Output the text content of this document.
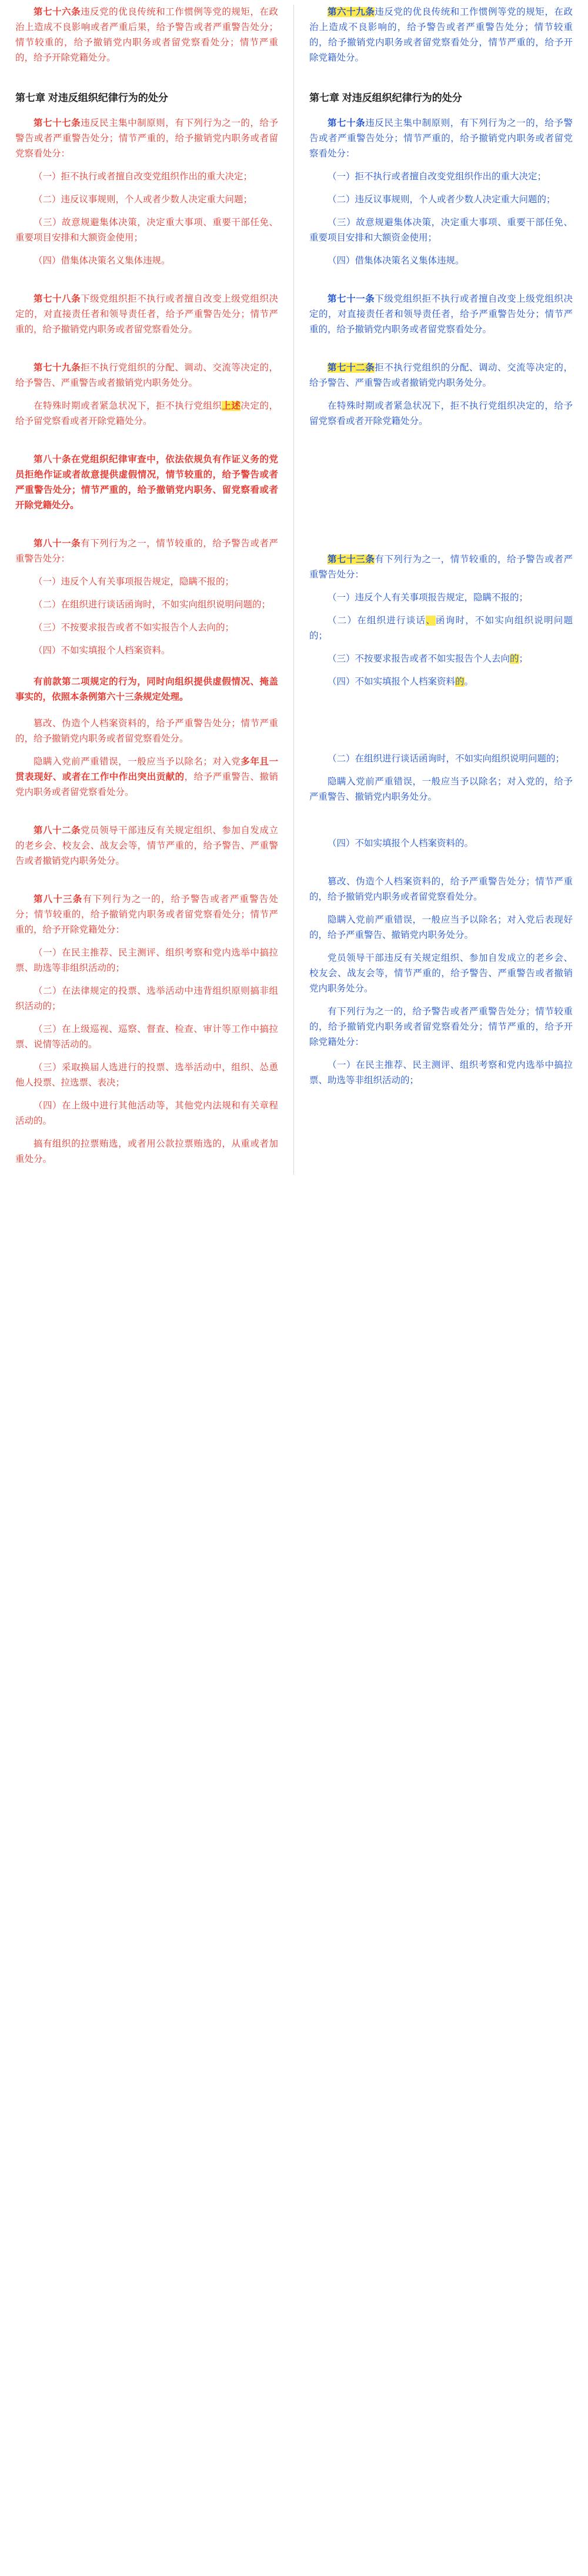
第七十六条违反党的优良传统和工作惯例等党的规矩，在政治上造成不良影响或者严重后果，给予警告或者严重警告处分；情节较重的，给予撤销党内职务或者留党察看处分；情节严重的，给予开除党籍处分。

第七章 对违反组织纪律行为的处分

第七十七条违反民主集中制原则，有下列行为之一的，给予警告或者严重警告处分；情节严重的，给予撤销党内职务或者留党察看处分：

（一）拒不执行或者擅自改变党组织作出的重大决定；

（二）违反议事规则，个人或者少数人决定重大问题；

（三）故意规避集体决策，决定重大事项、重要干部任免、重要项目安排和大额资金使用；

（四）借集体决策名义集体违规。

第七十八条下级党组织拒不执行或者擅自改变上级党组织决定的，对直接责任者和领导责任者，给予严重警告处分；情节严重的，给予撤销党内职务或者留党察看处分。

第七十九条拒不执行党组织的分配、调动、交流等决定的，给予警告、严重警告或者撤销党内职务处分。

在特殊时期或者紧急状况下，拒不执行党组织上述决定的，给予留党察看或者开除党籍处分。

第八十条在党组织纪律审查中，依法依规负有作证义务的党员拒绝作证或者故意提供虚假情况，情节较重的，给予警告或者严重警告处分；情节严重的，给予撤销党内职务、留党察看或者开除党籍处分。

第八十一条有下列行为之一，情节较重的，给予警告或者严重警告处分：

（一）违反个人有关事项报告规定，隐瞒不报的；

（二）在组织进行谈话函询时，不如实向组织说明问题的；

（三）不按要求报告或者不如实报告个人去向的；

（四）不如实填报个人档案资料。

有前款第二项规定的行为，同时向组织提供虚假情况、掩盖事实的，依照本条例第六十三条规定处理。

篡改、伪造个人档案资料的，给予严重警告处分；情节严重的，给予撤销党内职务或者留党察看处分。

隐瞒入党前严重错误，一般应当予以除名；对入党多年且一贯表现好、或者在工作中作出突出贡献的，给予严重警告、撤销党内职务或者留党察看处分。

第八十二条党员领导干部违反有关规定组织、参加自发成立的老乡会、校友会、战友会等，情节严重的，给予警告、严重警告或者撤销党内职务处分。

第八十三条有下列行为之一的，给予警告或者严重警告处分；情节较重的，给予撤销党内职务或者留党察看处分；情节严重的，给予开除党籍处分：

（一）在民主推荐、民主测评、组织考察和党内选举中搞拉票、助选等非组织活动的；

（二）在法律规定的投票、选举活动中违背组织原则搞非组织活动的；

（三）在上级巡视、巡察、督查、检查、审计等工作中搞拉票、说情等活动的。

（三）采取换届人选进行的投票、选举活动中，组织、怂恿他人投票、拉选票、表决；

（四）在上级中进行其他活动等，其他党内法规和有关章程活动的。

搞有组织的拉票贿选，或者用公款拉票贿选的，从重或者加重处分。

第六十九条违反党的优良传统和工作惯例等党的规矩，在政治上造成不良影响的，给予警告或者严重警告处分；情节较重的，给予撤销党内职务或者留党察看处分，情节严重的，给予开除党籍处分。

第七章 对违反组织纪律行为的处分

第七十条违反民主集中制原则，有下列行为之一的，给予警告或者严重警告处分；情节严重的，给予撤销党内职务或者留党察看处分：

（一）拒不执行或者擅自改变党组织作出的重大决定；

（二）违反议事规则，个人或者少数人决定重大问题的；

（三）故意规避集体决策，决定重大事项、重要干部任免、重要项目安排和大额资金使用；

（四）借集体决策名义集体违规。

第七十一条下级党组织拒不执行或者擅自改变上级党组织决定的，对直接责任者和领导责任者，给予严重警告处分；情节严重的，给予撤销党内职务或者留党察看处分。

第七十二条拒不执行党组织的分配、调动、交流等决定的，给予警告、严重警告或者撤销党内职务处分。

在特殊时期或者紧急状况下，拒不执行党组织决定的，给予留党察看或者开除党籍处分。

第七十三条有下列行为之一，情节较重的，给予警告或者严重警告处分：

（一）违反个人有关事项报告规定，隐瞒不报的；

（二）在组织进行谈话、函询时，不如实向组织说明问题的；

（三）不按要求报告或者不如实报告个人去向的；

（四）不如实填报个人档案资料的。

（二）在组织进行谈话函询时，不如实向组织说明问题的；

隐瞒入党前严重错误，一般应当予以除名；对入党的，给予严重警告、撤销党内职务处分。

（四）不如实填报个人档案资料的。

篡改、伪造个人档案资料的，给予严重警告处分；情节严重的，给予撤销党内职务或者留党察看处分。

隐瞒入党前严重错误，一般应当予以除名；对入党后表现好的，给予严重警告、撤销党内职务处分。

党员领导干部违反有关规定组织、参加自发成立的老乡会、校友会、战友会等，情节严重的，给予警告、严重警告或者撤销党内职务处分。

有下列行为之一的，给予警告或者严重警告处分；情节较重的，给予撤销党内职务或者留党察看处分；情节严重的，给予开除党籍处分：

（一）在民主推荐、民主测评、组织考察和党内选举中搞拉票、助选等非组织活动的；
